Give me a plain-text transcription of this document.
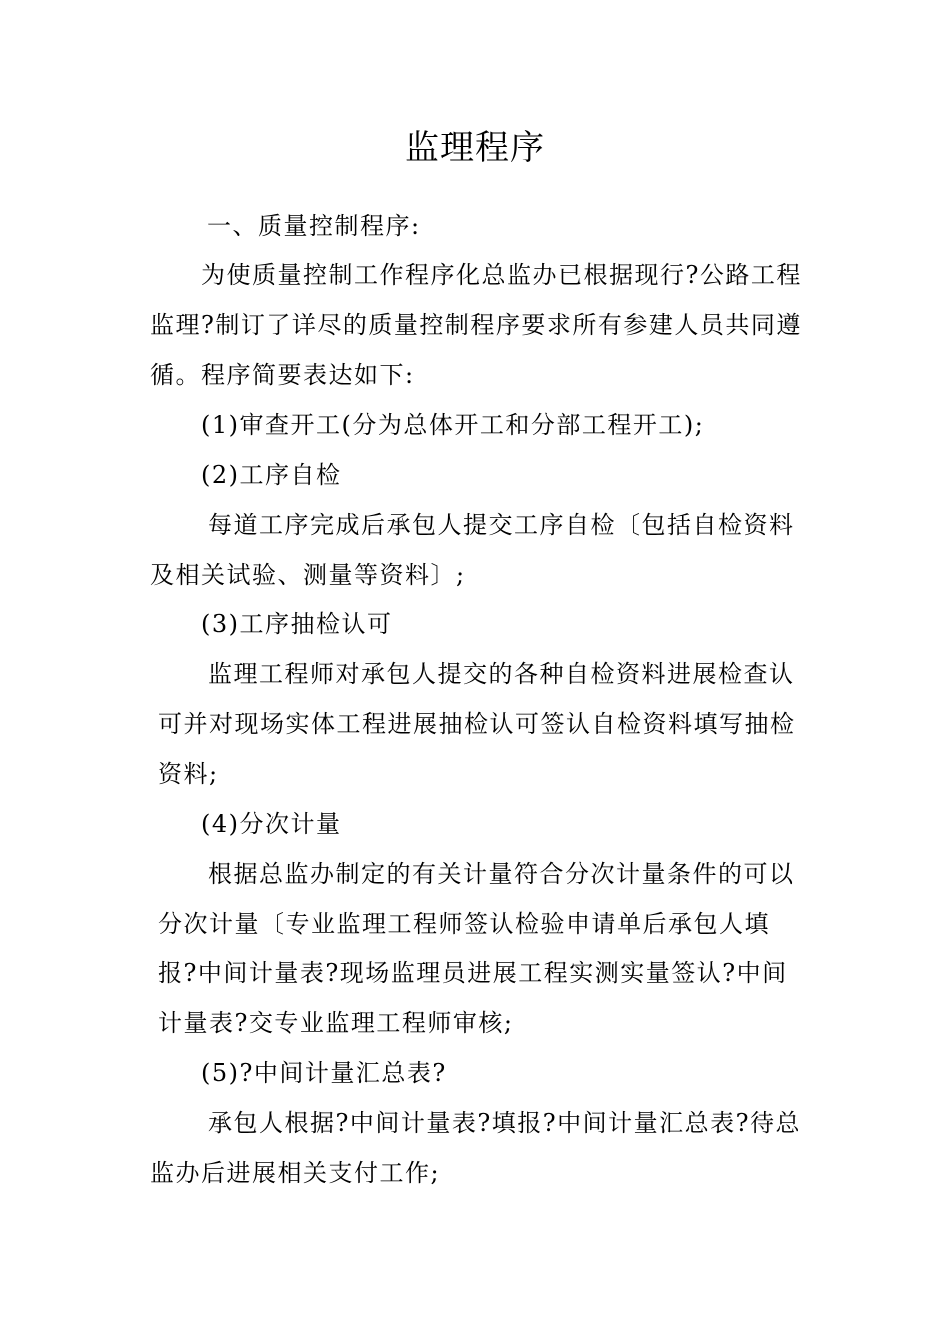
监理程序
一、质量控制程序:
为使质量控制工作程序化总监办已根据现行?公路工程
监理?制订了详尽的质量控制程序要求所有参建人员共同遵
循。程序简要表达如下:
(1)审查开工(分为总体开工和分部工程开工);
(2)工序自检
每道工序完成后承包人提交工序自检〔包括自检资料
及相关试验、测量等资料〕;
(3)工序抽检认可
监理工程师对承包人提交的各种自检资料进展检查认
可并对现场实体工程进展抽检认可签认自检资料填写抽检
资料;
(4)分次计量
根据总监办制定的有关计量符合分次计量条件的可以
分次计量〔专业监理工程师签认检验申请单后承包人填
报?中间计量表?现场监理员进展工程实测实量签认?中间
计量表?交专业监理工程师审核;
(5)?中间计量汇总表?
承包人根据?中间计量表?填报?中间计量汇总表?待总
监办后进展相关支付工作;
